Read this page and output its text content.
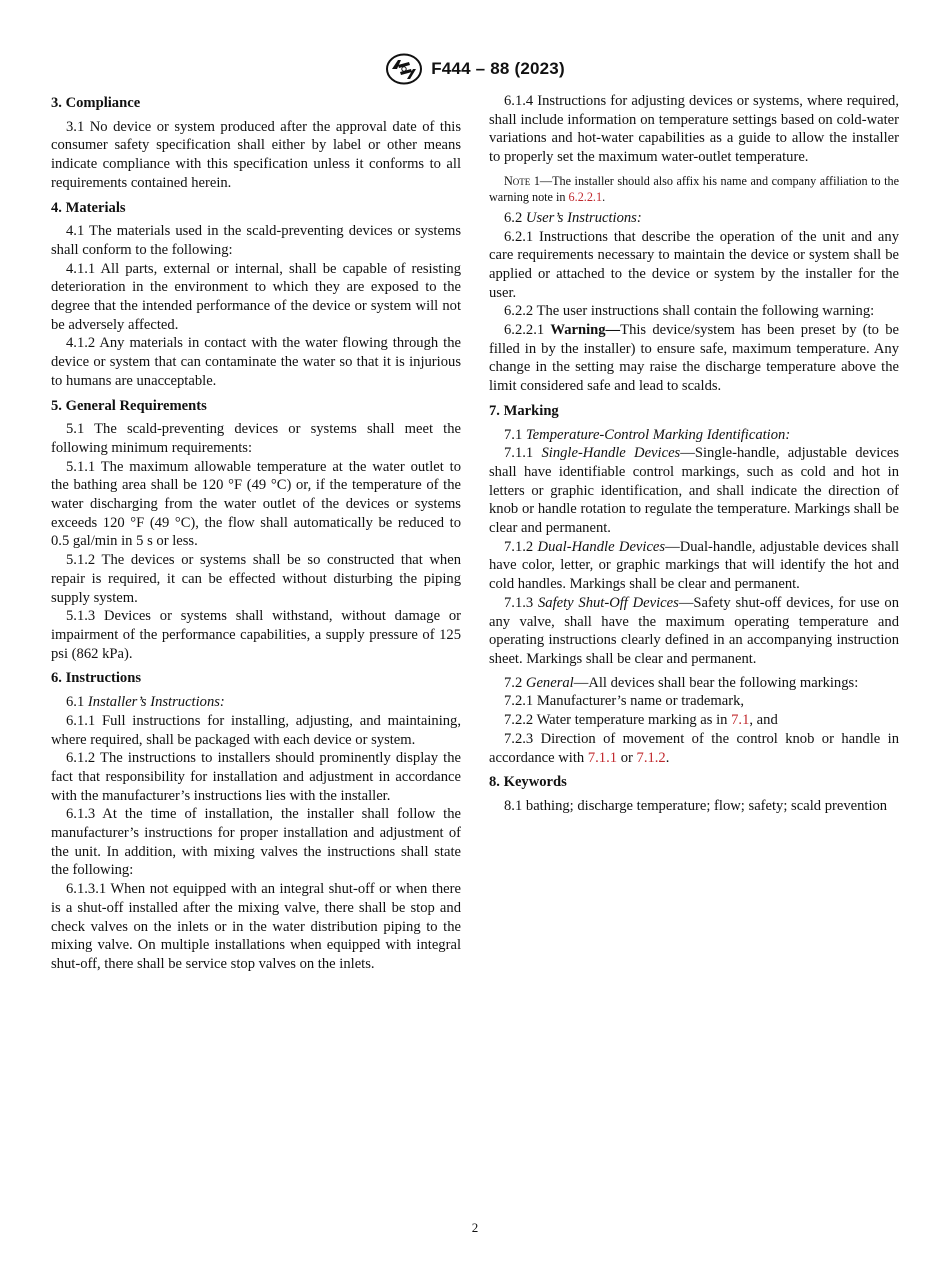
F444 – 88 (2023)
3. Compliance

3.1 No device or system produced after the approval date of this consumer safety specification shall either by label or other means indicate compliance with this specification unless it conforms to all requirements contained herein.

4. Materials

4.1 The materials used in the scald-preventing devices or systems shall conform to the following:

4.1.1 All parts, external or internal, shall be capable of resisting deterioration in the environment to which they are exposed to the degree that the intended performance of the device or system will not be adversely affected.

4.1.2 Any materials in contact with the water flowing through the device or system that can contaminate the water so that it is injurious to humans are unacceptable.

5. General Requirements

5.1 The scald-preventing devices or systems shall meet the following minimum requirements:

5.1.1 The maximum allowable temperature at the water outlet to the bathing area shall be 120 °F (49 °C) or, if the temperature of the water discharging from the water outlet of the devices or systems exceeds 120 °F (49 °C), the flow shall automatically be reduced to 0.5 gal/min in 5 s or less.

5.1.2 The devices or systems shall be so constructed that when repair is required, it can be effected without disturbing the piping supply system.

5.1.3 Devices or systems shall withstand, without damage or impairment of the performance capabilities, a supply pressure of 125 psi (862 kPa).

6. Instructions

6.1 Installer’s Instructions:

6.1.1 Full instructions for installing, adjusting, and maintaining, where required, shall be packaged with each device or system.

6.1.2 The instructions to installers should prominently display the fact that responsibility for installation and adjustment in accordance with the manufacturer’s instructions lies with the installer.

6.1.3 At the time of installation, the installer shall follow the manufacturer’s instructions for proper installation and adjustment of the unit. In addition, with mixing valves the instructions shall state the following:

6.1.3.1 When not equipped with an integral shut-off or when there is a shut-off installed after the mixing valve, there shall be stop and check valves on the inlets or in the water distribution piping to the mixing valve. On multiple installations when equipped with integral shut-off, there shall be service stop valves on the inlets.

6.1.4 Instructions for adjusting devices or systems, where required, shall include information on temperature settings based on cold-water variations and hot-water capabilities as a guide to allow the installer to properly set the maximum water-outlet temperature.

Note 1—The installer should also affix his name and company affiliation to the warning note in 6.2.2.1.

6.2 User’s Instructions:

6.2.1 Instructions that describe the operation of the unit and any care requirements necessary to maintain the device or system shall be applied or attached to the device or system by the installer for the user.

6.2.2 The user instructions shall contain the following warning:

6.2.2.1 Warning—This device/system has been preset by (to be filled in by the installer) to ensure safe, maximum temperature. Any change in the setting may raise the discharge temperature above the limit considered safe and lead to scalds.

7. Marking

7.1 Temperature-Control Marking Identification:

7.1.1 Single-Handle Devices—Single-handle, adjustable devices shall have identifiable control markings, such as cold and hot in letters or graphic identification, and shall indicate the direction of knob or handle rotation to regulate the temperature. Markings shall be clear and permanent.

7.1.2 Dual-Handle Devices—Dual-handle, adjustable devices shall have color, letter, or graphic markings that will identify the hot and cold handles. Markings shall be clear and permanent.

7.1.3 Safety Shut-Off Devices—Safety shut-off devices, for use on any valve, shall have the maximum operating temperature and operating instructions clearly defined in an accompanying instruction sheet. Markings shall be clear and permanent.

7.2 General—All devices shall bear the following markings:

7.2.1 Manufacturer’s name or trademark,

7.2.2 Water temperature marking as in 7.1, and

7.2.3 Direction of movement of the control knob or handle in accordance with 7.1.1 or 7.1.2.

8. Keywords

8.1 bathing; discharge temperature; flow; safety; scald prevention

2
